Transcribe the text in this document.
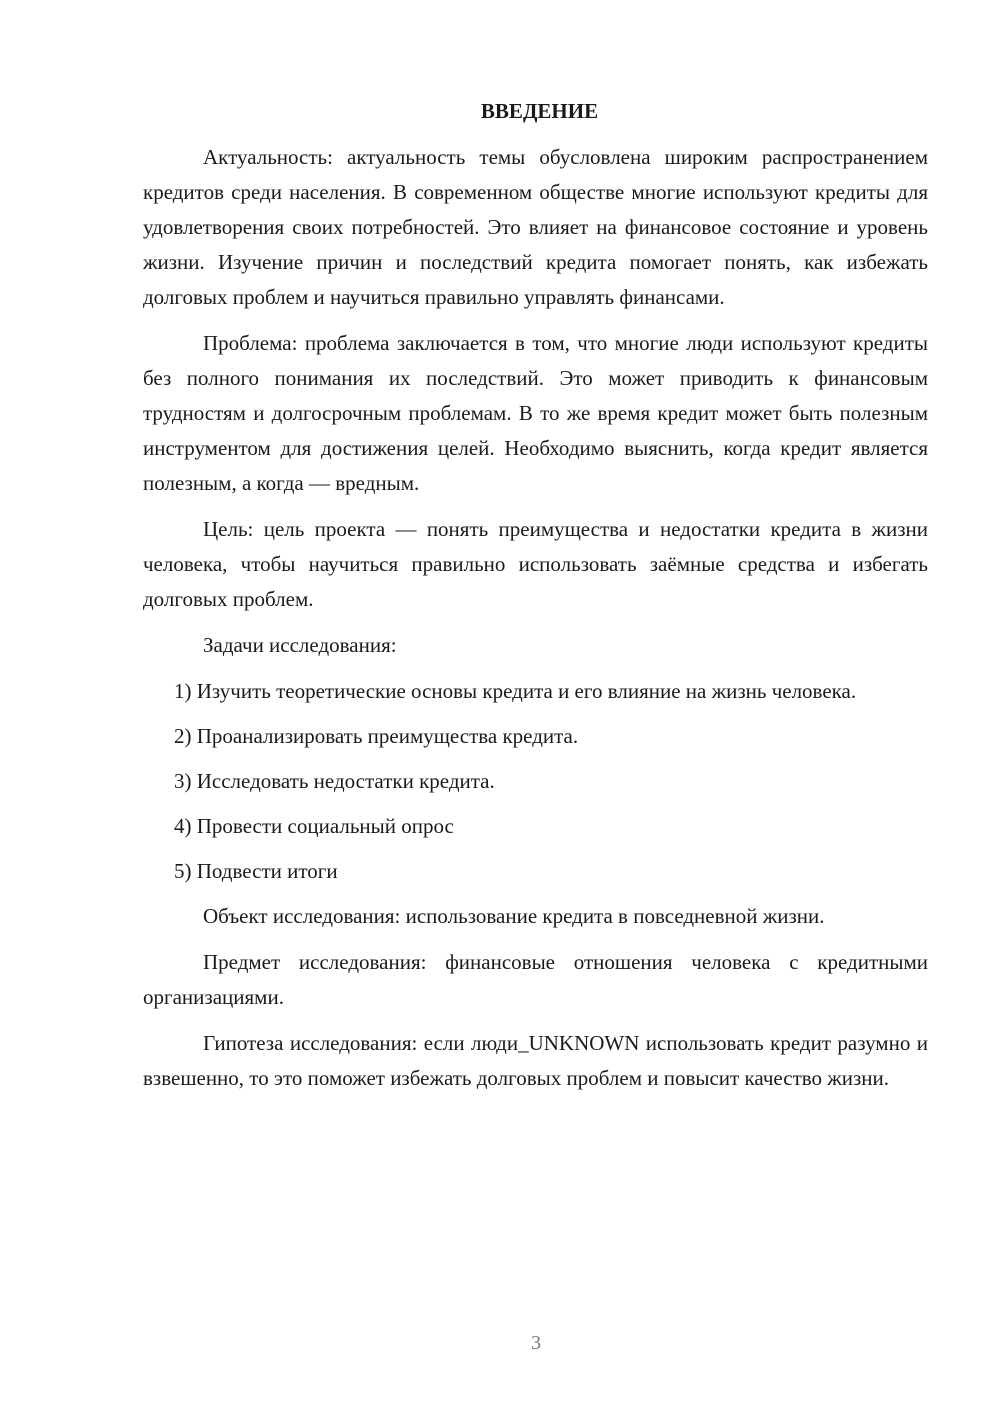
ВВЕДЕНИЕ

Актуальность: актуальность темы обусловлена широким распространением кредитов среди населения. В современном обществе многие используют кредиты для удовлетворения своих потребностей. Это влияет на финансовое состояние и уровень жизни. Изучение причин и последствий кредита помогает понять, как избежать долговых проблем и научиться правильно управлять финансами.

Проблема: проблема заключается в том, что многие люди используют кредиты без полного понимания их последствий. Это может приводить к финансовым трудностям и долгосрочным проблемам. В то же время кредит может быть полезным инструментом для достижения целей. Необходимо выяснить, когда кредит является полезным, а когда — вредным.

Цель: цель проекта — понять преимущества и недостатки кредита в жизни человека, чтобы научиться правильно использовать заёмные средства и избегать долговых проблем.

Задачи исследования:

1) Изучить теоретические основы кредита и его влияние на жизнь человека.

2) Проанализировать преимущества кредита.

3) Исследовать недостатки кредита.

4) Провести социальный опрос

5) Подвести итоги

Объект исследования: использование кредита в повседневной жизни.

Предмет исследования: финансовые отношения человека с кредитными организациями.

Гипотеза исследования: если люди_UNKNOWN использовать кредит разумно и взвешенно, то это поможет избежать долговых проблем и повысит качество жизни.

3
